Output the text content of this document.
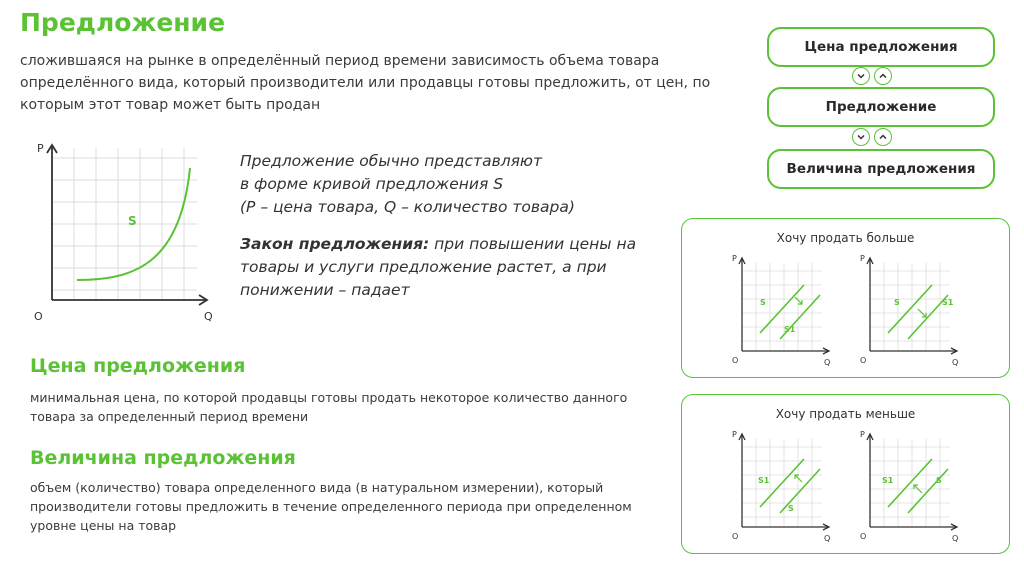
Предложение

сложившаяся на рынке в определённый период времени зависимость объема товара определённого вида, который производители или продавцы готовы предложить, от цен, по которым этот товар может быть продан

P
Q
O
S

Предложение обычно представляют

в форме кривой предложения S

(P – цена товара, Q – количество товара)

Закон предложения: при повышении цены на товары и услуги предложение растет, а при понижении – падает

Цена предложения

минимальная цена, по которой продавцы готовы продать некоторое количество данного товара за определенный период времени

Величина предложения

объем (количество) товара определенного вида (в натуральном измерении), который производители готовы предложить в течение определенного периода при определенном уровне цены на товар

Цена предложения
Предложение
Величина предложения
Хочу продать больше
P
Q
O
S
S1
P
Q
O
S	S1
Хочу продать меньше
P
Q
O
S1
S
P
Q
O
S1	S
